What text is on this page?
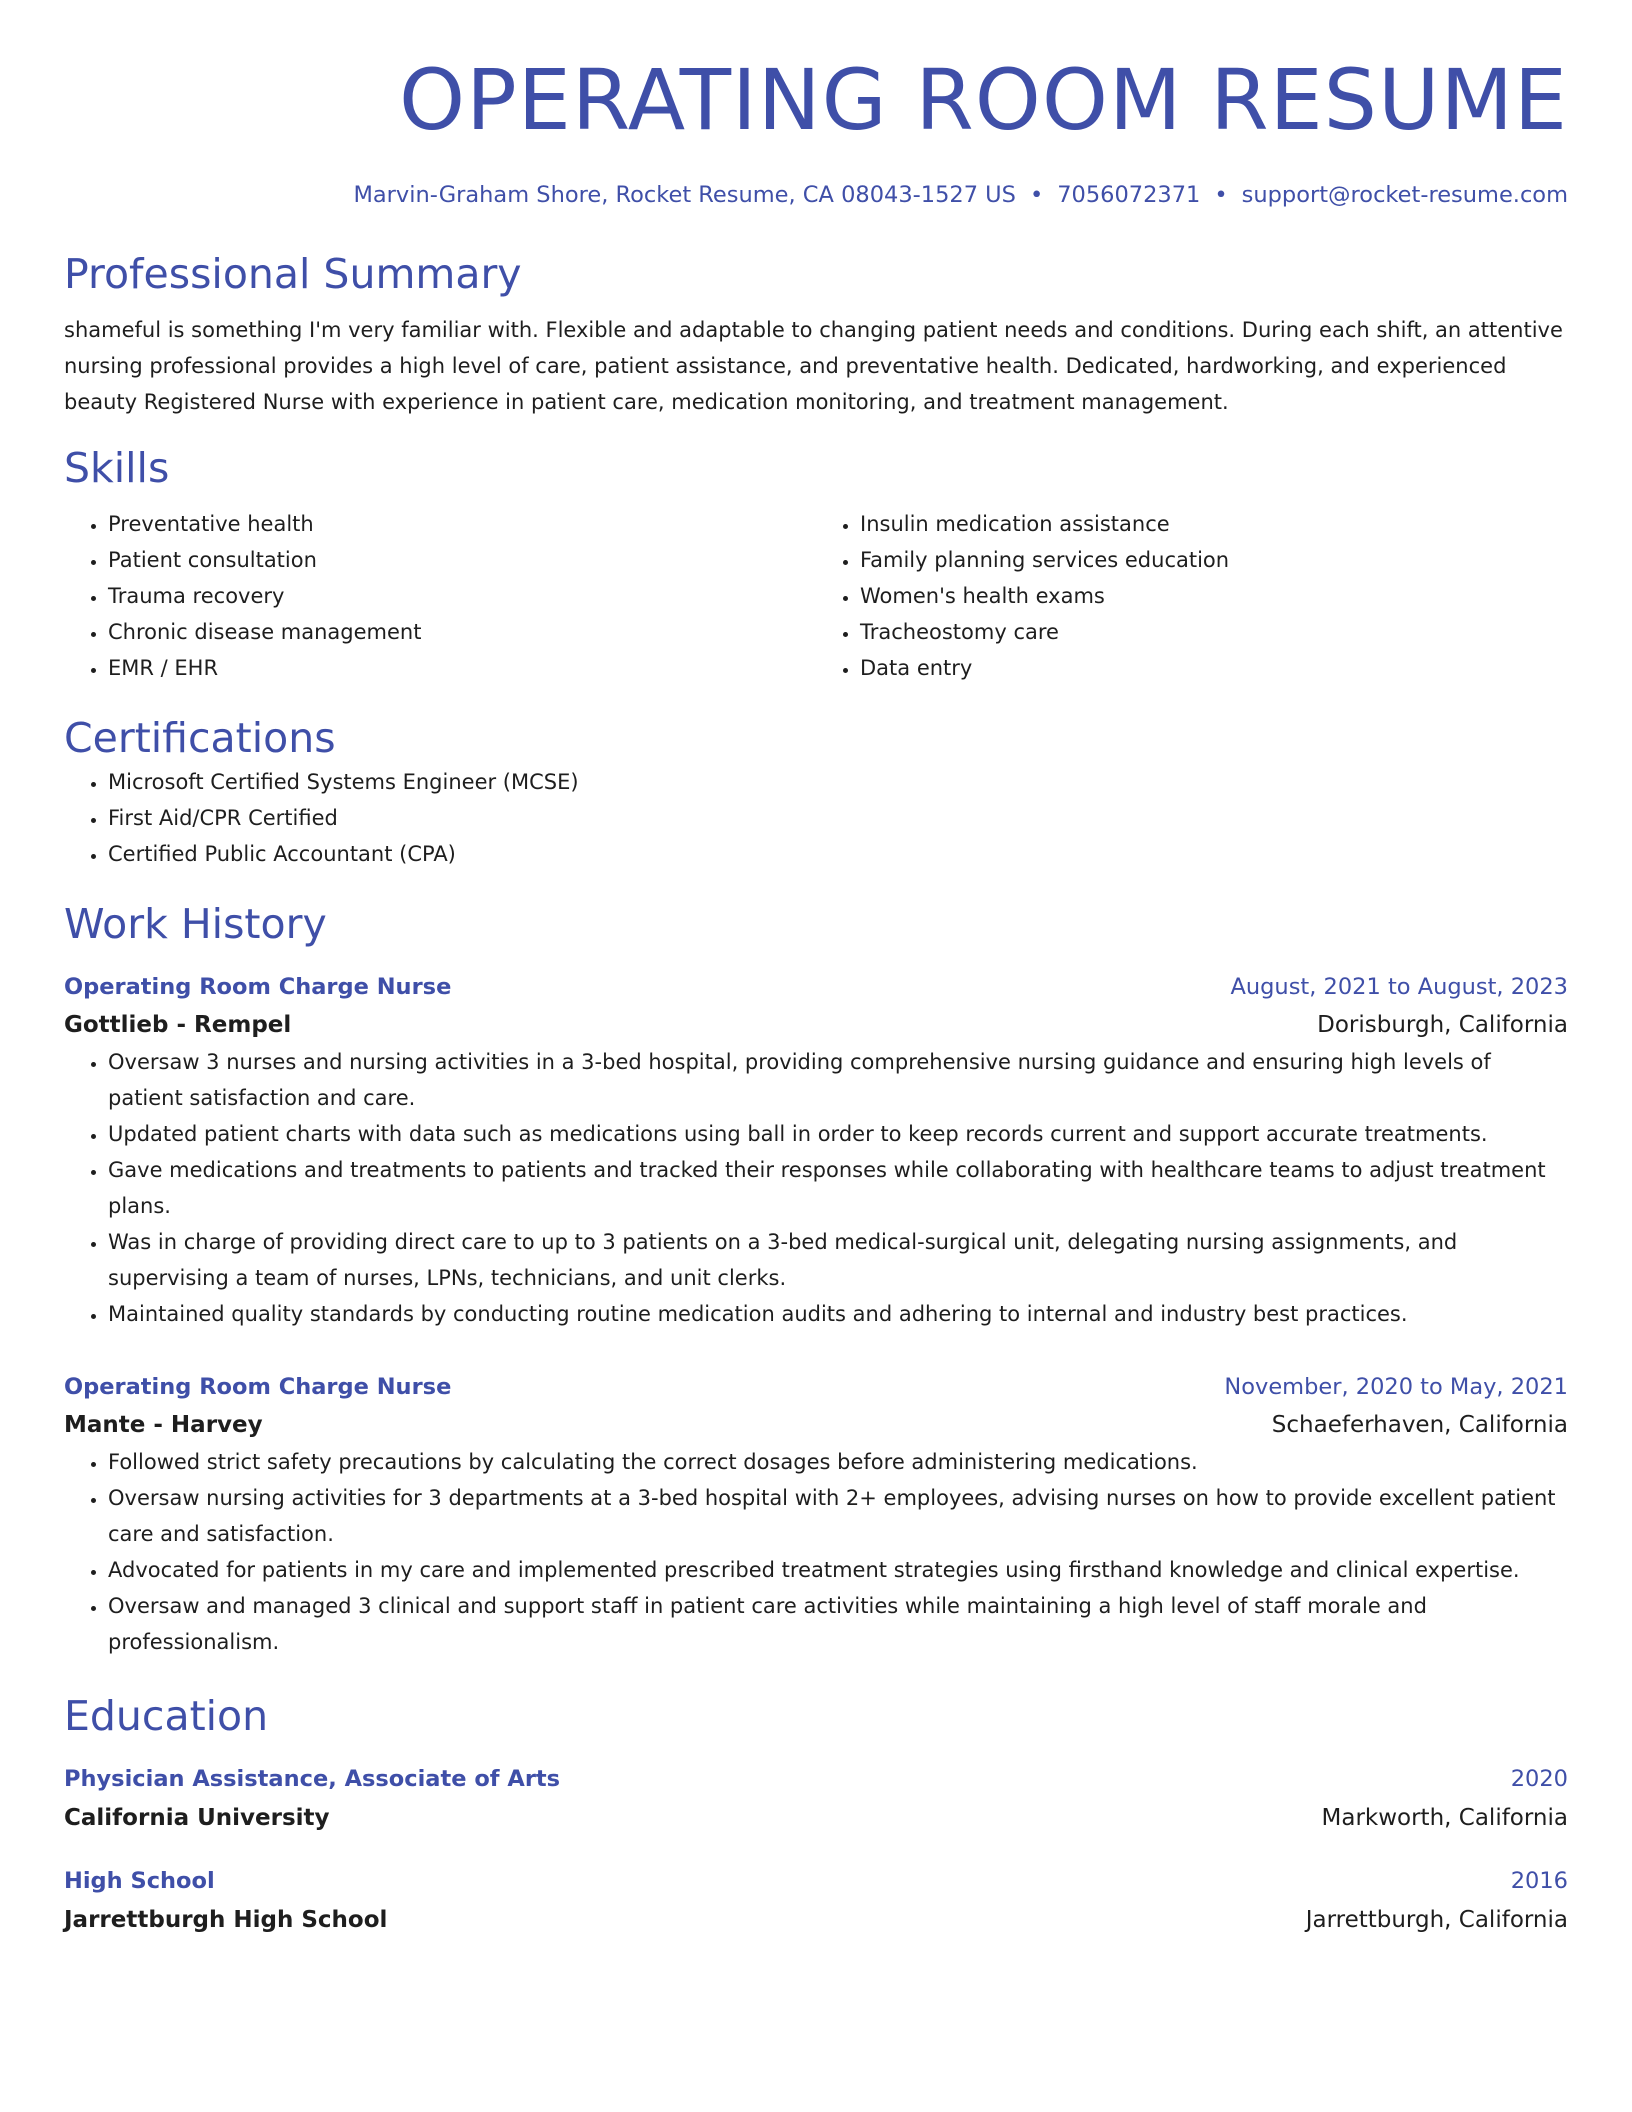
OPERATING ROOM RESUME
Marvin-Graham Shore, Rocket Resume, CA 08043-1527 US • 7056072371 • support@rocket-resume.com
Professional Summary
shameful is something I'm very familiar with. Flexible and adaptable to changing patient needs and conditions. During each shift, an attentive nursing professional provides a high level of care, patient assistance, and preventative health. Dedicated, hardworking, and experienced beauty Registered Nurse with experience in patient care, medication monitoring, and treatment management.
Skills
• Preventative health
• Patient consultation
• Trauma recovery
• Chronic disease management
• EMR / EHR
• Insulin medication assistance
• Family planning services education
• Women's health exams
• Tracheostomy care
• Data entry
Certifications
• Microsoft Certified Systems Engineer (MCSE)
• First Aid/CPR Certified
• Certified Public Accountant (CPA)
Work History
Operating Room Charge Nurse	August, 2021 to August, 2023
Gottlieb - Rempel	Dorisburgh, California
• Oversaw 3 nurses and nursing activities in a 3-bed hospital, providing comprehensive nursing guidance and ensuring high levels of patient satisfaction and care.
• Updated patient charts with data such as medications using ball in order to keep records current and support accurate treatments.
• Gave medications and treatments to patients and tracked their responses while collaborating with healthcare teams to adjust treatment plans.
• Was in charge of providing direct care to up to 3 patients on a 3-bed medical-surgical unit, delegating nursing assignments, and supervising a team of nurses, LPNs, technicians, and unit clerks.
• Maintained quality standards by conducting routine medication audits and adhering to internal and industry best practices.
Operating Room Charge Nurse	November, 2020 to May, 2021
Mante - Harvey	Schaeferhaven, California
• Followed strict safety precautions by calculating the correct dosages before administering medications.
• Oversaw nursing activities for 3 departments at a 3-bed hospital with 2+ employees, advising nurses on how to provide excellent patient care and satisfaction.
• Advocated for patients in my care and implemented prescribed treatment strategies using firsthand knowledge and clinical expertise.
• Oversaw and managed 3 clinical and support staff in patient care activities while maintaining a high level of staff morale and professionalism.
Education
Physician Assistance, Associate of Arts	2020
California University	Markworth, California
High School	2016
Jarrettburgh High School	Jarrettburgh, California
